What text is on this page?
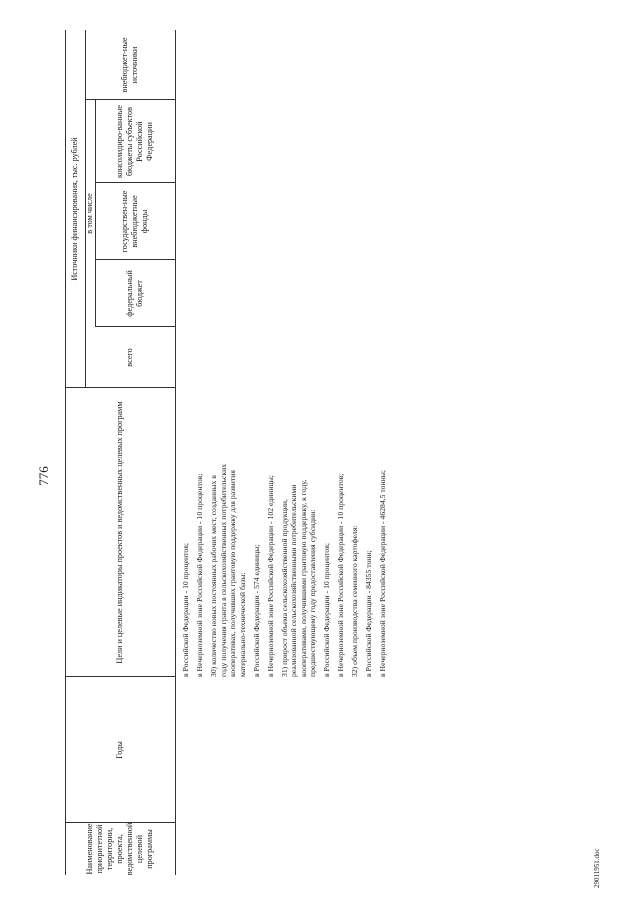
776
29011951.doc
Наименование приоритетной территории, проекта, ведомственной целевой программы
Годы
Цели и целевые индикаторы проектов и ведомственных целевых программ
Источники финансирования, тыс. рублей
всего
в том числе
федеральный бюджет
государствен-ные внебюджетные фонды
консолидиро-ванные бюджеты субъектов Российской Федерации
внебюджет-ные источники

в Российской Федерации - 10 процентов; в Нечерноземной зоне Российской Федерации - 10 процентов; 30) количество новых постоянных рабочих мест, созданных в году получения гранта в сельскохозяйственных потребительских кооперативах, получивших грантовую поддержку для развития материально-технической базы: в Российской Федерации - 574 единицы; в Нечерноземной зоне Российской Федерации - 102 единицы; 31) прирост объема сельскохозяйственной продукции, реализованной сельскохозяйственными потребительскими кооперативами, получившими грантовую поддержку, к году, предшествующему году предоставления субсидии: в Российской Федерации - 10 процентов; в Нечерноземной зоне Российской Федерации - 10 процентов; 32) объем производства семенного картофеля: в Российской Федерации - 84355 тонн; в Нечерноземной зоне Российской Федерации - 46284,5 тонны;
